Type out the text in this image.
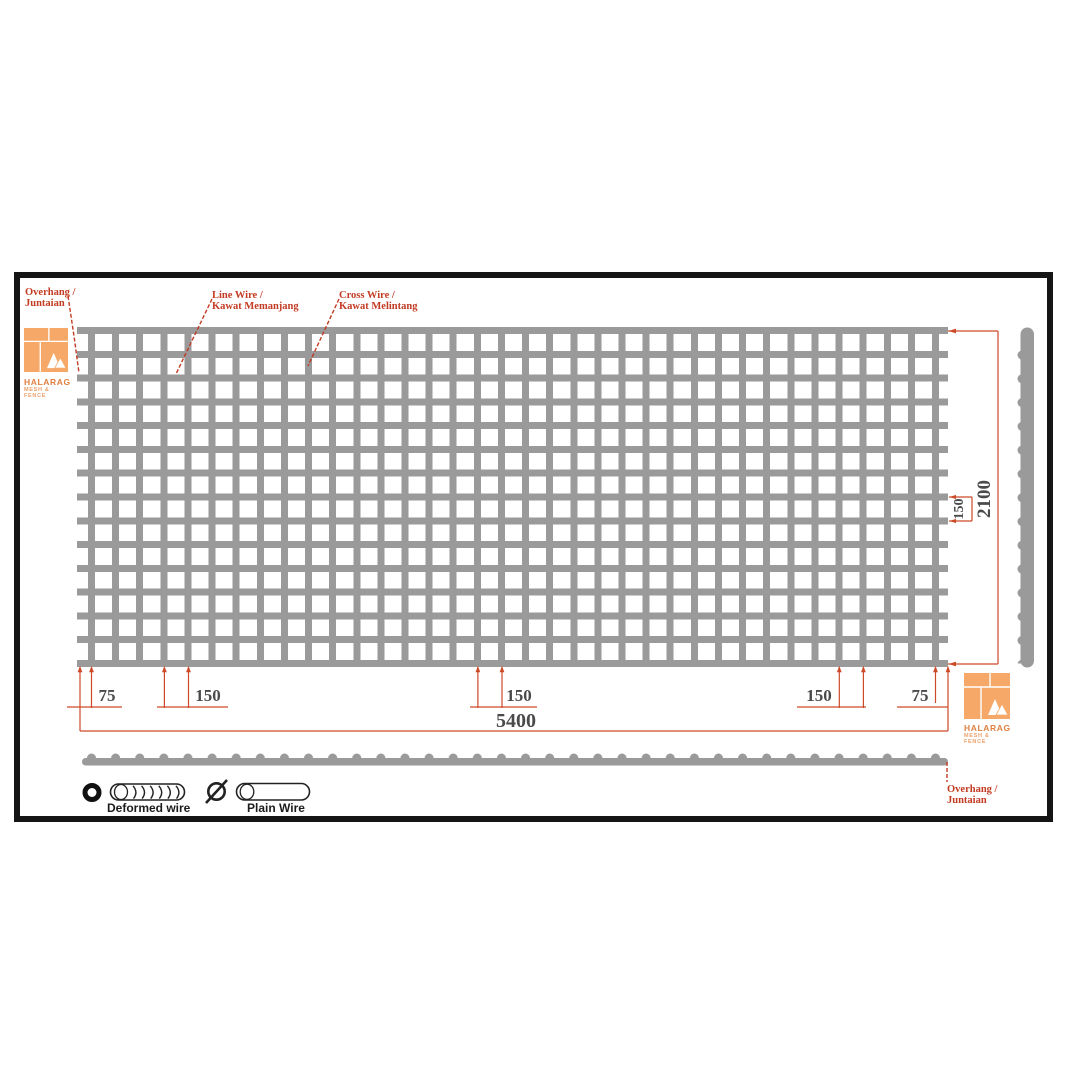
Overhang /
Juntaian
Line Wire /
Kawat Memanjang
Cross Wire /
Kawat Melintang
Overhang /
Juntaian
75	150	150	150	75
5400
2100
150
HALARAG
MESH & FENCE
HALARAG
MESH & FENCE
Deformed wire	Plain Wire
